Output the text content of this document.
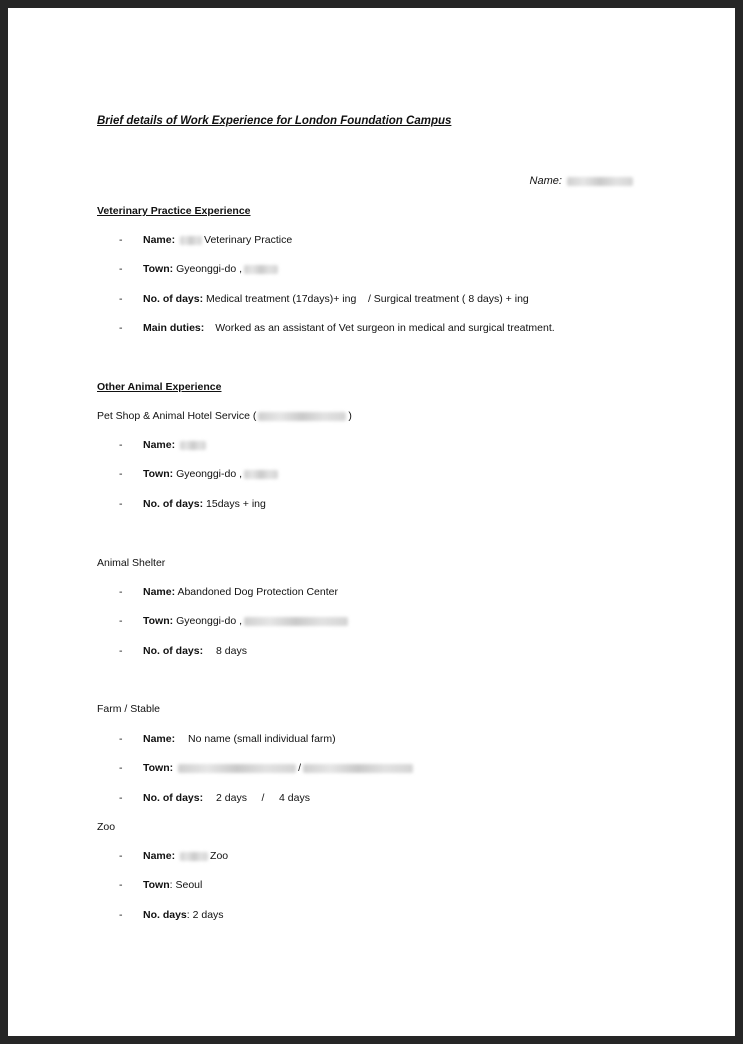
Brief details of Work Experience for London Foundation Campus
Name:
Veterinary Practice Experience
- Name:	Veterinary Practice
- Town: Gyeonggi-do ,
- No. of days: Medical treatment (17days)+ ing    / Surgical treatment ( 8 days) + ing
- Main duties: Worked as an assistant of Vet surgeon in medical and surgical treatment.
Other Animal Experience
Pet Shop & Animal Hotel Service (	)
- Name:
- Town: Gyeonggi-do ,
- No. of days: 15days + ing
Animal Shelter
- Name: Abandoned Dog Protection Center
- Town: Gyeonggi-do ,
- No. of days: 8 days
Farm / Stable
- Name: No name (small individual farm)
- Town:	/
- No. of days: 2 days     /     4 days
Zoo
- Name:	Zoo
- Town: Seoul
- No. days: 2 days
